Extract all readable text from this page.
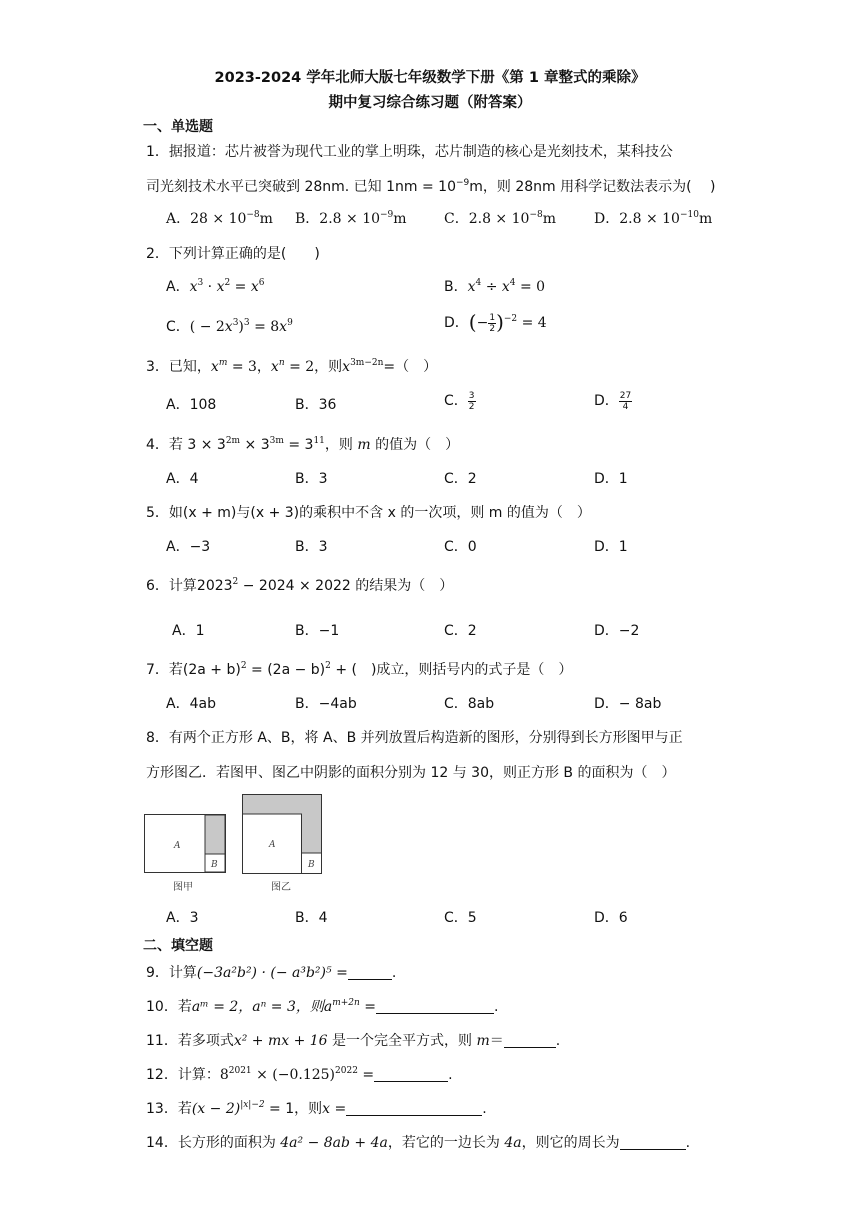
2023-2024 学年北师大版七年级数学下册《第 1 章整式的乘除》
期中复习综合练习题（附答案）
一、单选题
1．据报道：芯片被誉为现代工业的掌上明珠，芯片制造的核心是光刻技术，某科技公
司光刻技术水平已突破到 28nm. 已知 $1nm = 10^{-9}m$，则 28nm 用科学记数法表示为(　 )
A．$28 \times 10^{-8}m$ B．$2.8 \times 10^{-9}m$	C．$2.8 \times 10^{-8}m$	D．$2.8 \times 10^{-10}m$
2．下列计算正确的是(　　)
A．$x^3 \cdot x^2 = x^6$	B．$x^4 \div x^4 = 0$
C．( − $2x^3)^3 = 8x^9$	D．(− $\frac{1}{2} )^{-2} = 4$
3．已知，$x^m = 3$，$x^n = 2$，则$x^{3m-2n}=$（　）
A．108	B．36	C． $\frac{3}{2}$	D． $\frac{27}{4}$
4．若 $3 \times 3^{2m} \times 3^{3m} = 3^{11}$，则 m 的值为（　）
A．4	B．3	C．2	D．1
5．如(x + m)与(x + 3)的乘积中不含 x 的一次项，则 m 的值为（　）
A．−3	B．3	C．0	D．1
6．计算$2023^2 - 2024 \times 2022$ 的结果为（　）
A．1	B．−1	C．2	D．−2
7．若$(2a + b)^2 = (2a - b)^2$ + (　)成立，则括号内的式子是（　）
A．4ab	B．−4ab	C．8ab	D．− 8ab
8．有两个正方形 A、B，将 A、B 并列放置后构造新的图形，分别得到长方形图甲与正
方形图乙．若图甲、图乙中阴影的面积分别为 12 与 30，则正方形 B 的面积为（　）
A
B
图甲
A
B
图乙
A．3	B．4	C．5	D．6
二、填空题
9．计算(−3a²b²) · (− a³b²)⁵ =	.
10．若aᵐ = 2，aⁿ = 3，则$a^{m+2n}$ =	.
11．若多项式x² + mx + 16 是一个完全平方式，则 m＝	.
12．计算：$8^{2021} \times (-0.125)^{2022}$ =	.
13．若$(x - 2)^{|x|-2} = 1$，则x =	.
14．长方形的面积为 4a² − 8ab + 4a，若它的一边长为 4a，则它的周长为	.
